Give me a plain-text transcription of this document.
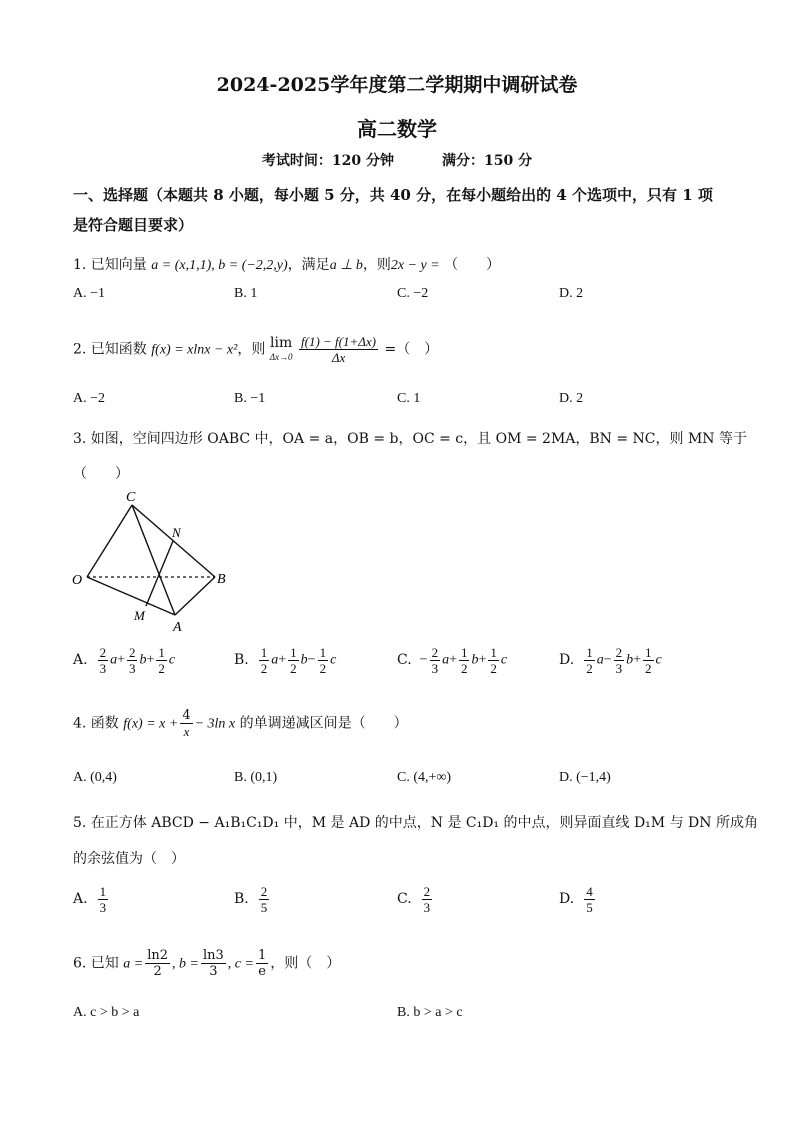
2024-2025学年度第二学期期中调研试卷
高二数学
考试时间：120 分钟	满分：150 分
一、选择题（本题共 8 小题，每小题 5 分，共 40 分，在每小题给出的 4 个选项中，只有 1 项是符合题目要求）
1. 已知向量 a = (x,1,1), b = (−2,2,y)，满足a ⊥ b，则2x − y = （　　）
A. −1	B. 1	C. −2	D. 2
2. 已知函数 f(x) = xlnx − x²，则 lim
Δx→0
$\frac{f(1) - f(1+\Delta x)}{\Delta x}$ =（　）
A. −2	B. −1	C. 1	D. 2
3. 如图，空间四边形 OABC 中，OA = a，OB = b，OC = c，且 OM = 2MA，BN = NC，则 MN 等于
（　　）
C
N
O	B
M
A
A. $\frac{2}{3} a+ \frac{2}{3} b+ \frac{1}{2}$ c	B. $\frac{1}{2} a+ \frac{1}{2} b- \frac{1}{2}$ c	C. − $\frac{2}{3} a+ \frac{1}{2} b+ \frac{1}{2}$ c	D. $\frac{1}{2} a- \frac{2}{3} b+ \frac{1}{2}$ c
4. 函数 $f(x) = x + \frac{4}{x} - 3\ln$ x 的单调递减区间是（　　）
A. (0,4)	B. (0,1)	C. (4,+∞)	D. (−1,4)
5. 在正方体 ABCD − A₁B₁C₁D₁ 中，M 是 AD 的中点，N 是 C₁D₁ 的中点，则异面直线 D₁M 与 DN 所成角
的余弦值为（　）
A. $\frac{1}{3}$	B. $\frac{2}{5}$	C. $\frac{2}{3}$	D. $\frac{4}{5}$
6. 已知 $a = \frac{\ln 2}{2}$ , $b = \frac{\ln 3}{3}$ , $c = \frac{1}{e}$ ，则（　）
A. c > b > a	B. b > a > c
